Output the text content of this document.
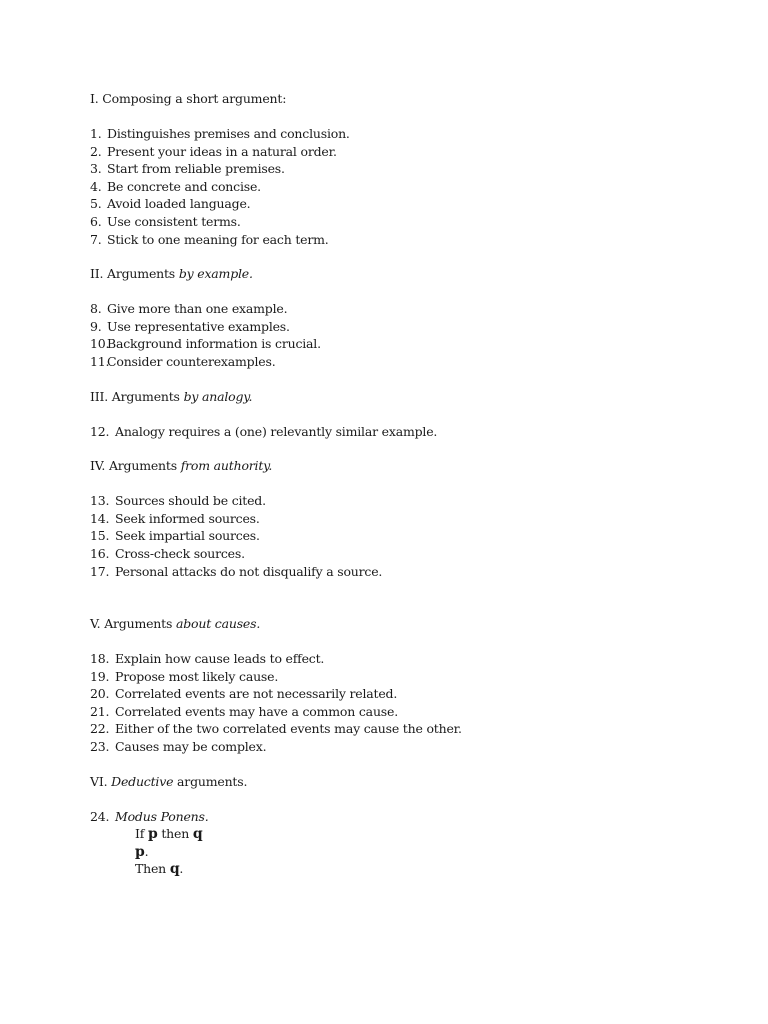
I. Composing a short argument:

1. Distinguishes premises and conclusion.
2. Present your ideas in a natural order.
3. Start from reliable premises.
4. Be concrete and concise.
5. Avoid loaded language.
6. Use consistent terms.
7. Stick to one meaning for each term.

II. Arguments by example.

8. Give more than one example.
9. Use representative examples.
10.
Background information is crucial.
11.
Consider counterexamples.

III. Arguments by analogy.

12. Analogy requires a (one) relevantly similar example.

IV. Arguments from authority.

13. Sources should be cited.
14. Seek informed sources.
15. Seek impartial sources.
16. Cross-check sources.
17. Personal attacks do not disqualify a source.

V. Arguments about causes.

18. Explain how cause leads to effect.
19. Propose most likely cause.
20. Correlated events are not necessarily related.
21. Correlated events may have a common cause.
22. Either of the two correlated events may cause the other.
23. Causes may be complex.

VI. Deductive arguments.

24. Modus Ponens.
If p then q
p.
Then q.
